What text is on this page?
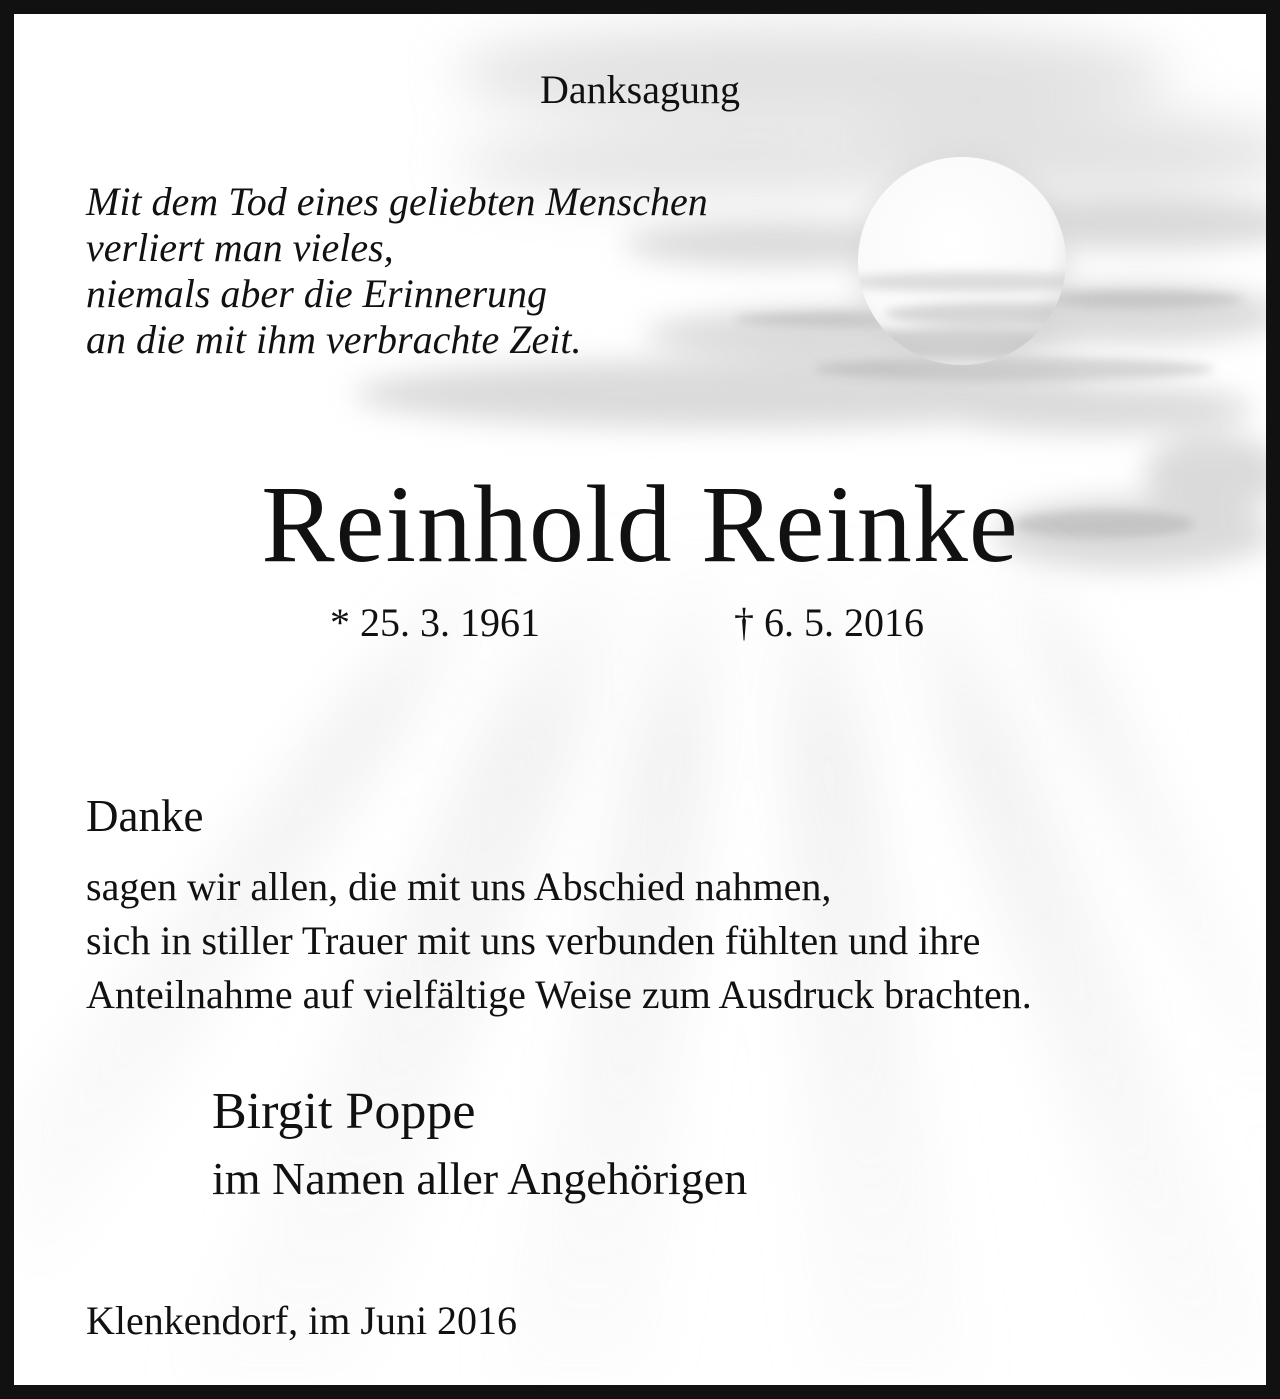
Danksagung
Mit dem Tod eines geliebten Menschen
verliert man vieles,
niemals aber die Erinnerung
an die mit ihm verbrachte Zeit.
Reinhold Reinke
* 25. 3. 1961	† 6. 5. 2016
Danke
sagen wir allen, die mit uns Abschied nahmen,
sich in stiller Trauer mit uns verbunden fühlten und ihre
Anteilnahme auf vielfältige Weise zum Ausdruck brachten.
Birgit Poppe
im Namen aller Angehörigen
Klenkendorf, im Juni 2016
